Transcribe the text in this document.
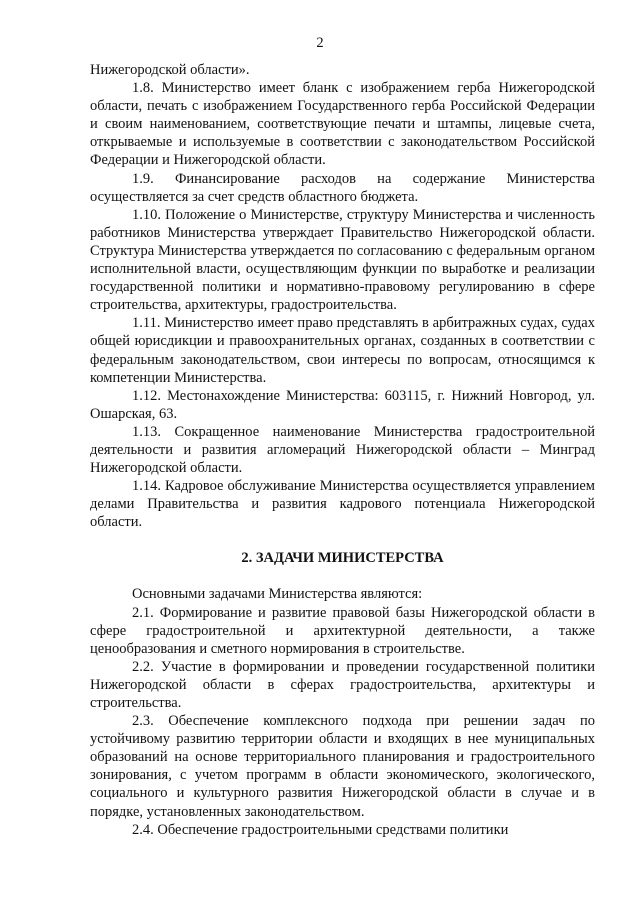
2

Нижегородской области».

1.8. Министерство имеет бланк с изображением герба Нижегородской области, печать с изображением Государственного герба Российской Федерации и своим наименованием, соответствующие печати и штампы, лицевые счета, открываемые и используемые в соответствии с законодательством Российской Федерации и Нижегородской области.

1.9. Финансирование расходов на содержание Министерства осуществляется за счет средств областного бюджета.

1.10. Положение о Министерстве, структуру Министерства и численность работников Министерства утверждает Правительство Нижегородской области. Структура Министерства утверждается по согласованию с федеральным органом исполнительной власти, осуществляющим функции по выработке и реализации государственной политики и нормативно-правовому регулированию в сфере строительства, архитектуры, градостроительства.

1.11. Министерство имеет право представлять в арбитражных судах, судах общей юрисдикции и правоохранительных органах, созданных в соответствии с федеральным законодательством, свои интересы по вопросам, относящимся к компетенции Министерства.

1.12. Местонахождение Министерства: 603115, г. Нижний Новгород, ул. Ошарская, 63.

1.13. Сокращенное наименование Министерства градостроительной деятельности и развития агломераций Нижегородской области – Минград Нижегородской области.

1.14. Кадровое обслуживание Министерства осуществляется управлением делами Правительства и развития кадрового потенциала Нижегородской области.

2. ЗАДАЧИ МИНИСТЕРСТВА

Основными задачами Министерства являются:

2.1. Формирование и развитие правовой базы Нижегородской области в сфере градостроительной и архитектурной деятельности, а также ценообразования и сметного нормирования в строительстве.

2.2. Участие в формировании и проведении государственной политики Нижегородской области в сферах градостроительства, архитектуры и строительства.

2.3. Обеспечение комплексного подхода при решении задач по устойчивому развитию территории области и входящих в нее муниципальных образований на основе территориального планирования и градостроительного зонирования, с учетом программ в области экономического, экологического, социального и культурного развития Нижегородской области в случае и в порядке, установленных законодательством.

2.4. Обеспечение градостроительными средствами политики
